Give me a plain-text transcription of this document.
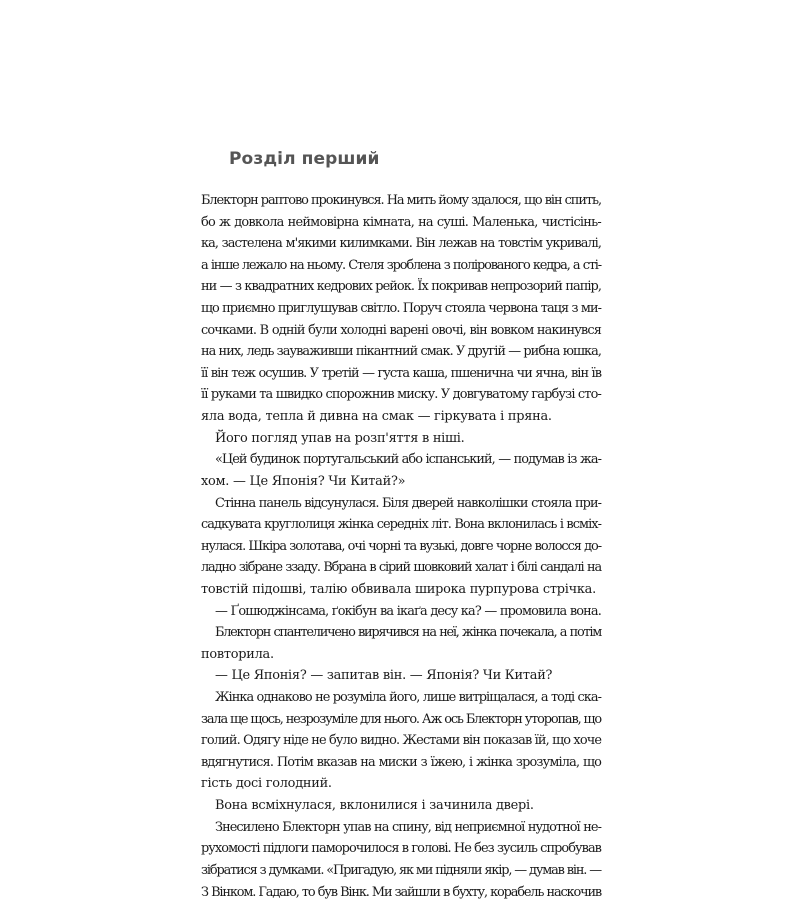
Розділ перший
Блекторн раптово прокинувся. На мить йому здалося, що він спить,
бо ж довкола неймовірна кімната, на суші. Маленька, чистісінь-
ка, застелена м'якими килимками. Він лежав на товстім укривалі,
а інше лежало на ньому. Стеля зроблена з полірованого кедра, а сті-
ни — з квадратних кедрових рейок. Їх покривав непрозорий папір,
що приємно приглушував світло. Поруч стояла червона таця з ми-
сочками. В одній були холодні варені овочі, він вовком накинувся
на них, ледь зауваживши пікантний смак. У другій — рибна юшка,
її він теж осушив. У третій — густа каша, пшенична чи ячна, він їв
її руками та швидко спорожнив миску. У довгуватому гарбузі сто-
яла вода, тепла й дивна на смак — гіркувата і пряна.
Його погляд упав на розп'яття в ніші.
«Цей будинок португальський або іспанський, — подумав із жа-
хом. — Це Японія? Чи Китай?»
Стінна панель відсунулася. Біля дверей навколішки стояла при-
садкувата круглолиця жінка середніх літ. Вона вклонилась і всміх-
нулася. Шкіра золотава, очі чорні та вузькі, довге чорне волосся до-
ладно зібране ззаду. Вбрана в сірий шовковий халат і білі сандалі на
товстій підошві, талію обвивала широка пурпурова стрічка.
— Ґошюджінсама, ґокібун ва ікаґа десу ка? — промовила вона.
Блекторн спантеличено вирячився на неї, жінка почекала, а потім
повторила.
— Це Японія? — запитав він. — Японія? Чи Китай?
Жінка однаково не розуміла його, лише витріщалася, а тоді ска-
зала ще щось, незрозуміле для нього. Аж ось Блекторн уторопав, що
голий. Одягу ніде не було видно. Жестами він показав їй, що хоче
вдягнутися. Потім вказав на миски з їжею, і жінка зрозуміла, що
гість досі голодний.
Вона всміхнулася, вклонилися і зачинила двері.
Знесилено Блекторн упав на спину, від неприємної нудотної не-
рухомості підлоги паморочилося в голові. Не без зусиль спробував
зібратися з думками. «Пригадую, як ми підняли якір, — думав він. —
З Вінком. Гадаю, то був Вінк. Ми зайшли в бухту, корабель наскочив
